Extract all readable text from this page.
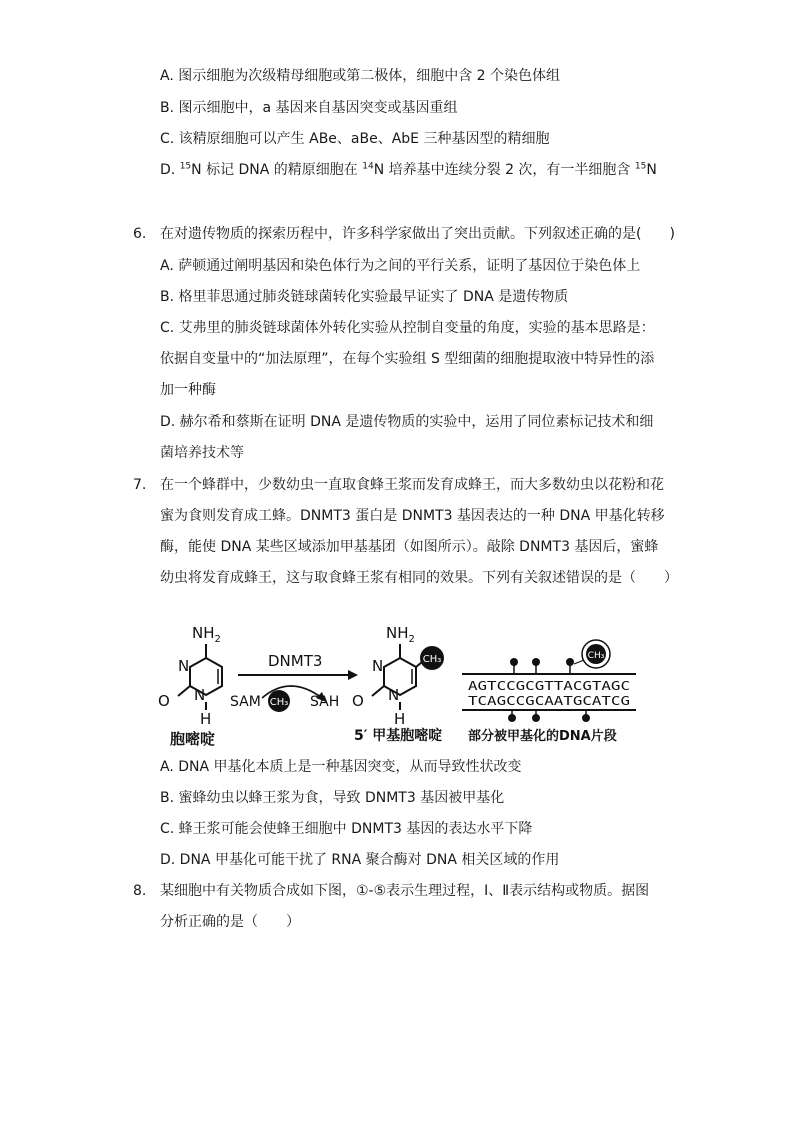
A. 图示细胞为次级精母细胞或第二极体，细胞中含 2 个染色体组
B. 图示细胞中，a 基因来自基因突变或基因重组
C. 该精原细胞可以产生 ABe、aBe、AbE 三种基因型的精细胞
D. $^{15}$N 标记 DNA 的精原细胞在 $^{14}$N 培养基中连续分裂 2 次，有一半细胞含 $^{15}$N
6. 在对遗传物质的探索历程中，许多科学家做出了突出贡献。下列叙述正确的是(　　)
A. 萨顿通过阐明基因和染色体行为之间的平行关系，证明了基因位于染色体上
B. 格里菲思通过肺炎链球菌转化实验最早证实了 DNA 是遗传物质
C. 艾弗里的肺炎链球菌体外转化实验从控制自变量的角度，实验的基本思路是：
依据自变量中的“加法原理”，在每个实验组 S 型细菌的细胞提取液中特异性的添
加一种酶
D. 赫尔希和蔡斯在证明 DNA 是遗传物质的实验中，运用了同位素标记技术和细
菌培养技术等
7. 在一个蜂群中，少数幼虫一直取食蜂王浆而发育成蜂王，而大多数幼虫以花粉和花
蜜为食则发育成工蜂。DNMT3 蛋白是 DNMT3 基因表达的一种 DNA 甲基化转移
酶，能使 DNA 某些区域添加甲基基团（如图所示）。敲除 DNMT3 基因后，蜜蜂
幼虫将发育成蜂王，这与取食蜂王浆有相同的效果。下列有关叙述错误的是（　　）
$NH_2$
N
N
O
H
胞嘧啶
DNMT3
SAM CH₃ SAH
$NH_2$
N
N
O
H
CH₃
5′ 甲基胞嘧啶
AGTCCGCGTTACGTAGC
TCAGCCGCAATGCATCG
CH₃
部分被甲基化的DNA片段
A. DNA 甲基化本质上是一种基因突变，从而导致性状改变
B. 蜜蜂幼虫以蜂王浆为食，导致 DNMT3 基因被甲基化
C. 蜂王浆可能会使蜂王细胞中 DNMT3 基因的表达水平下降
D. DNA 甲基化可能干扰了 RNA 聚合酶对 DNA 相关区域的作用
8. 某细胞中有关物质合成如下图，①-⑤表示生理过程，Ⅰ、Ⅱ表示结构或物质。据图
分析正确的是（　　）
